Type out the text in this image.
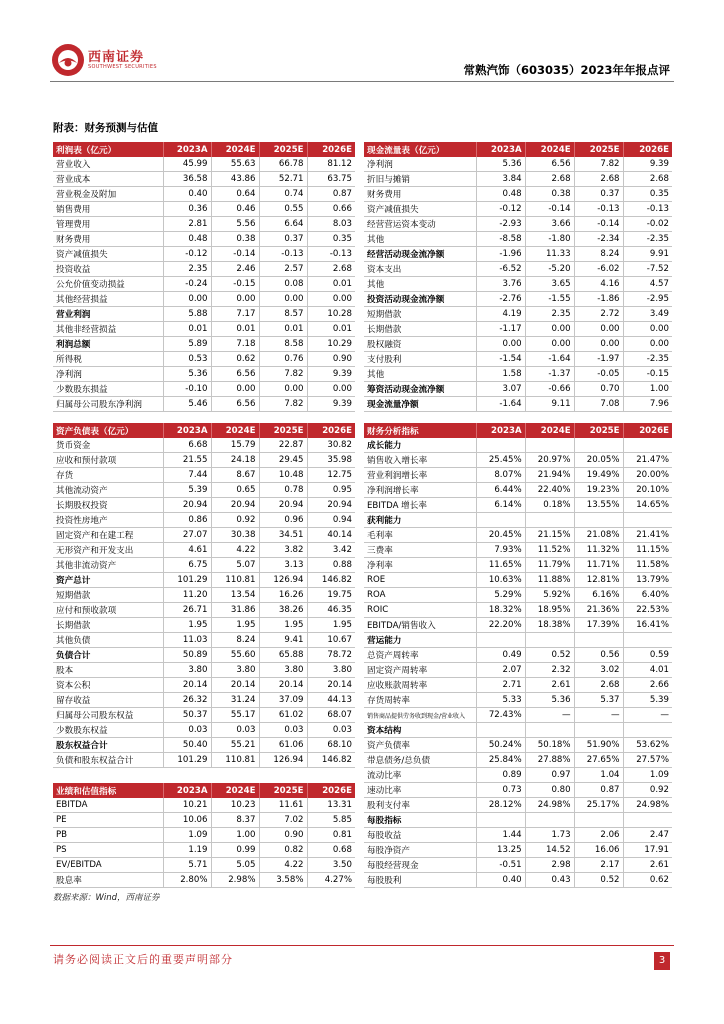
西南证券
SOUTHWEST SECURITIES	常熟汽饰（603035）2023年年报点评
附表：财务预测与估值
利润表（亿元）	2023A	2024E	2025E	2026E
营业收入	45.99	55.63	66.78	81.12
营业成本	36.58	43.86	52.71	63.75
营业税金及附加	0.40	0.64	0.74	0.87
销售费用	0.36	0.46	0.55	0.66
管理费用	2.81	5.56	6.64	8.03
财务费用	0.48	0.38	0.37	0.35
资产减值损失	-0.12	-0.14	-0.13	-0.13
投资收益	2.35	2.46	2.57	2.68
公允价值变动损益	-0.24	-0.15	0.08	0.01
其他经营损益	0.00	0.00	0.00	0.00
营业利润	5.88	7.17	8.57	10.28
其他非经营损益	0.01	0.01	0.01	0.01
利润总额	5.89	7.18	8.58	10.29
所得税	0.53	0.62	0.76	0.90
净利润	5.36	6.56	7.82	9.39
少数股东损益	-0.10	0.00	0.00	0.00
归属母公司股东净利润	5.46	6.56	7.82	9.39
现金流量表（亿元）	2023A	2024E	2025E	2026E
净利润	5.36	6.56	7.82	9.39
折旧与摊销	3.84	2.68	2.68	2.68
财务费用	0.48	0.38	0.37	0.35
资产减值损失	-0.12	-0.14	-0.13	-0.13
经营营运资本变动	-2.93	3.66	-0.14	-0.02
其他	-8.58	-1.80	-2.34	-2.35
经营活动现金流净额	-1.96	11.33	8.24	9.91
资本支出	-6.52	-5.20	-6.02	-7.52
其他	3.76	3.65	4.16	4.57
投资活动现金流净额	-2.76	-1.55	-1.86	-2.95
短期借款	4.19	2.35	2.72	3.49
长期借款	-1.17	0.00	0.00	0.00
股权融资	0.00	0.00	0.00	0.00
支付股利	-1.54	-1.64	-1.97	-2.35
其他	1.58	-1.37	-0.05	-0.15
筹资活动现金流净额	3.07	-0.66	0.70	1.00
现金流量净额	-1.64	9.11	7.08	7.96
资产负债表（亿元）	2023A	2024E	2025E	2026E
货币资金	6.68	15.79	22.87	30.82
应收和预付款项	21.55	24.18	29.45	35.98
存货	7.44	8.67	10.48	12.75
其他流动资产	5.39	0.65	0.78	0.95
长期股权投资	20.94	20.94	20.94	20.94
投资性房地产	0.86	0.92	0.96	0.94
固定资产和在建工程	27.07	30.38	34.51	40.14
无形资产和开发支出	4.61	4.22	3.82	3.42
其他非流动资产	6.75	5.07	3.13	0.88
资产总计	101.29	110.81	126.94	146.82
短期借款	11.20	13.54	16.26	19.75
应付和预收款项	26.71	31.86	38.26	46.35
长期借款	1.95	1.95	1.95	1.95
其他负债	11.03	8.24	9.41	10.67
负债合计	50.89	55.60	65.88	78.72
股本	3.80	3.80	3.80	3.80
资本公积	20.14	20.14	20.14	20.14
留存收益	26.32	31.24	37.09	44.13
归属母公司股东权益	50.37	55.17	61.02	68.07
少数股东权益	0.03	0.03	0.03	0.03
股东权益合计	50.40	55.21	61.06	68.10
负债和股东权益合计	101.29	110.81	126.94	146.82
财务分析指标	2023A	2024E	2025E	2026E
成长能力				
销售收入增长率	25.45%	20.97%	20.05%	21.47%
营业利润增长率	8.07%	21.94%	19.49%	20.00%
净利润增长率	6.44%	22.40%	19.23%	20.10%
EBITDA 增长率	6.14%	0.18%	13.55%	14.65%
获利能力				
毛利率	20.45%	21.15%	21.08%	21.41%
三费率	7.93%	11.52%	11.32%	11.15%
净利率	11.65%	11.79%	11.71%	11.58%
ROE	10.63%	11.88%	12.81%	13.79%
ROA	5.29%	5.92%	6.16%	6.40%
ROIC	18.32%	18.95%	21.36%	22.53%
EBITDA/销售收入	22.20%	18.38%	17.39%	16.41%
营运能力				
总资产周转率	0.49	0.52	0.56	0.59
固定资产周转率	2.07	2.32	3.02	4.01
应收账款周转率	2.71	2.61	2.68	2.66
存货周转率	5.33	5.36	5.37	5.39
销售商品提供劳务收到现金/营业收入	72.43%	—	—	—
资本结构				
资产负债率	50.24%	50.18%	51.90%	53.62%
带息债务/总负债	25.84%	27.88%	27.65%	27.57%
流动比率	0.89	0.97	1.04	1.09
速动比率	0.73	0.80	0.87	0.92
股利支付率	28.12%	24.98%	25.17%	24.98%
每股指标				
每股收益	1.44	1.73	2.06	2.47
每股净资产	13.25	14.52	16.06	17.91
每股经营现金	-0.51	2.98	2.17	2.61
每股股利	0.40	0.43	0.52	0.62
业绩和估值指标	2023A	2024E	2025E	2026E
EBITDA	10.21	10.23	11.61	13.31
PE	10.06	8.37	7.02	5.85
PB	1.09	1.00	0.90	0.81
PS	1.19	0.99	0.82	0.68
EV/EBITDA	5.71	5.05	4.22	3.50
股息率	2.80%	2.98%	3.58%	4.27%
数据来源：Wind，西南证券
请务必阅读正文后的重要声明部分	3
